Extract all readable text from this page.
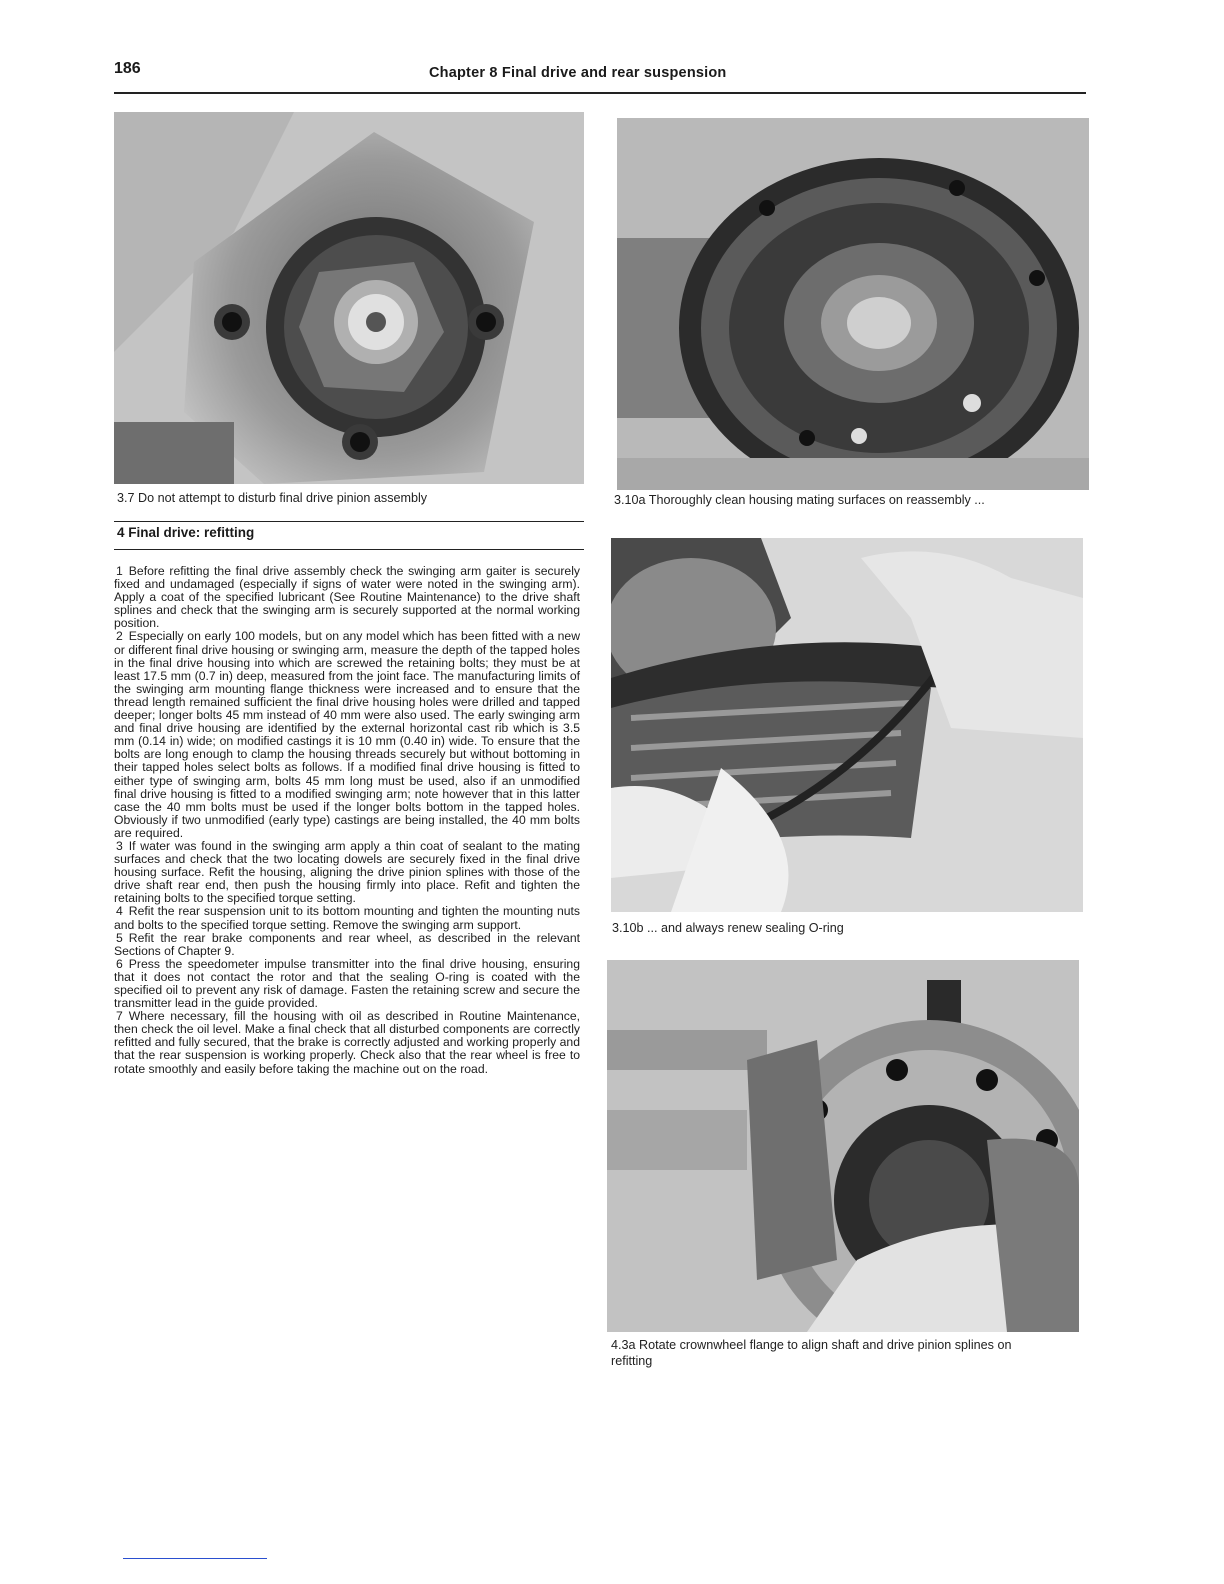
186	Chapter 8 Final drive and rear suspension
3.7 Do not attempt to disturb final drive pinion assembly	3.10a Thoroughly clean housing mating surfaces on reassembly ...
4 Final drive: refitting

1 Before refitting the final drive assembly check the swinging arm gaiter is securely fixed and undamaged (especially if signs of water were noted in the swinging arm). Apply a coat of the specified lubricant (See Routine Maintenance) to the drive shaft splines and check that the swinging arm is securely supported at the normal working position.

2 Especially on early 100 models, but on any model which has been fitted with a new or different final drive housing or swinging arm, measure the depth of the tapped holes in the final drive housing into which are screwed the retaining bolts; they must be at least 17.5 mm (0.7 in) deep, measured from the joint face. The manufacturing limits of the swinging arm mounting flange thickness were increased and to ensure that the thread length remained sufficient the final drive housing holes were drilled and tapped deeper; longer bolts 45 mm instead of 40 mm were also used. The early swinging arm and final drive housing are identified by the external horizontal cast rib which is 3.5 mm (0.14 in) wide; on modified castings it is 10 mm (0.40 in) wide. To ensure that the bolts are long enough to clamp the housing threads securely but without bottoming in their tapped holes select bolts as follows. If a modified final drive housing is fitted to either type of swinging arm, bolts 45 mm long must be used, also if an unmodified final drive housing is fitted to a modified swinging arm; note however that in this latter case the 40 mm bolts must be used if the longer bolts bottom in the tapped holes. Obviously if two unmodified (early type) castings are being installed, the 40 mm bolts are required.

3 If water was found in the swinging arm apply a thin coat of sealant to the mating surfaces and check that the two locating dowels are securely fixed in the final drive housing surface. Refit the housing, aligning the drive pinion splines with those of the drive shaft rear end, then push the housing firmly into place. Refit and tighten the retaining bolts to the specified torque setting.

4 Refit the rear suspension unit to its bottom mounting and tighten the mounting nuts and bolts to the specified torque setting. Remove the swinging arm support.

5 Refit the rear brake components and rear wheel, as described in the relevant Sections of Chapter 9.

6 Press the speedometer impulse transmitter into the final drive housing, ensuring that it does not contact the rotor and that the sealing O-ring is coated with the specified oil to prevent any risk of damage. Fasten the retaining screw and secure the transmitter lead in the guide provided.

7 Where necessary, fill the housing with oil as described in Routine Maintenance, then check the oil level. Make a final check that all disturbed components are correctly refitted and fully secured, that the brake is correctly adjusted and working properly and that the rear suspension is working properly. Check also that the rear wheel is free to rotate smoothly and easily before taking the machine out on the road.

3.10b ... and always renew sealing O-ring
4.3a Rotate crownwheel flange to align shaft and drive pinion splines on refitting
